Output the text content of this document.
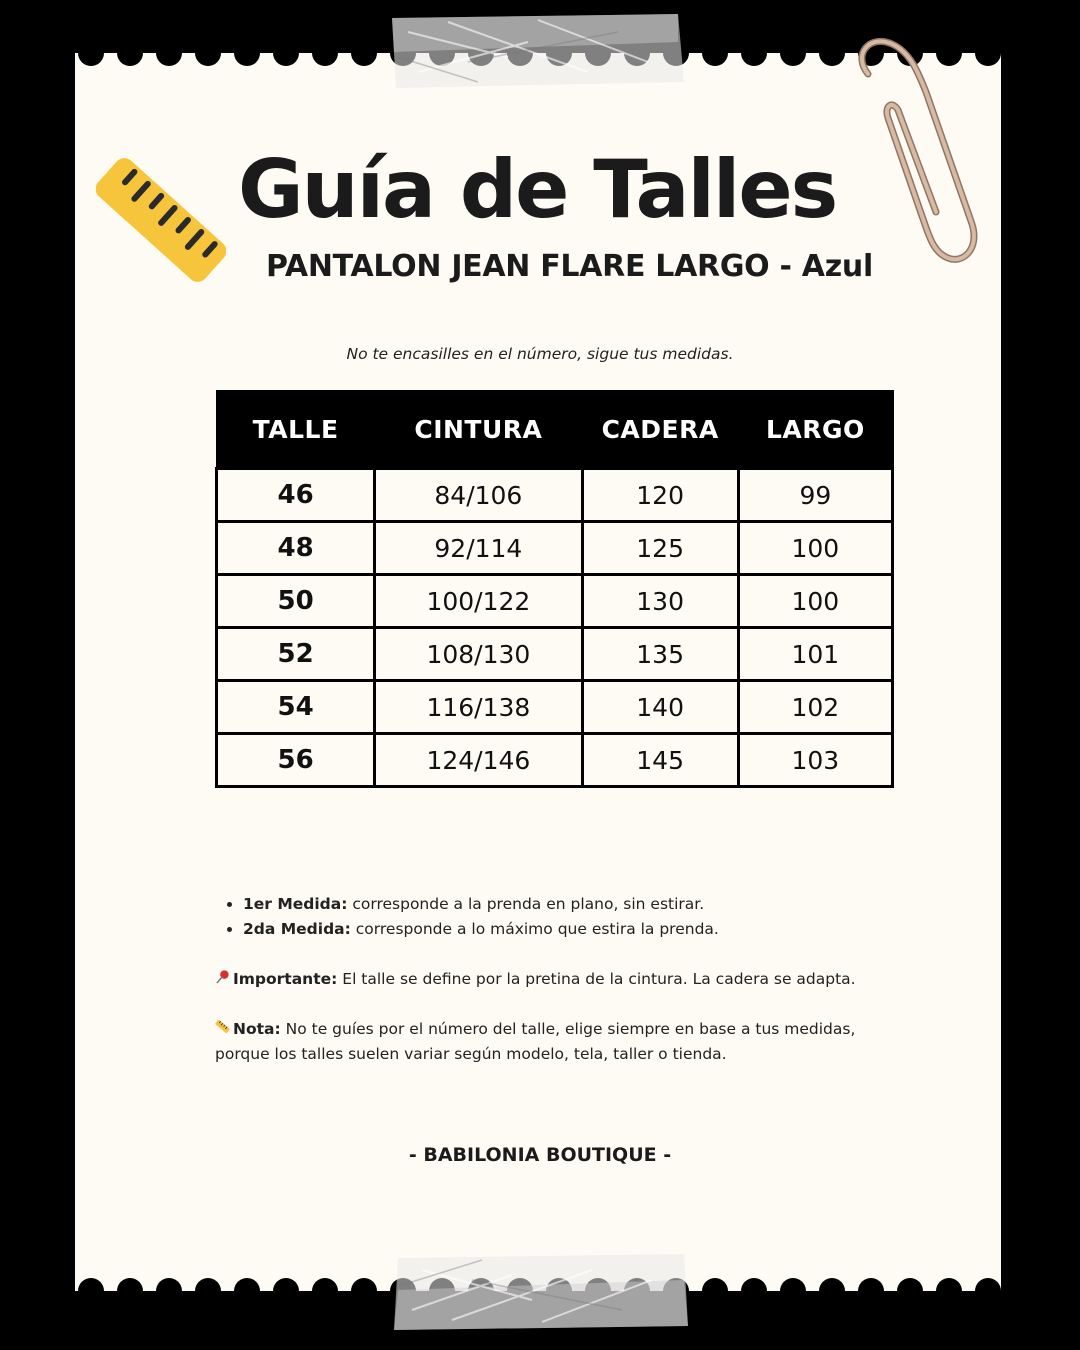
Guía de Talles
PANTALON JEAN FLARE LARGO - Azul
No te encasilles en el número, sigue tus medidas.
TALLE	CINTURA	CADERA	LARGO
46	84/106	120	99
48	92/114	125	100
50	100/122	130	100
52	108/130	135	101
54	116/138	140	102
56	124/146	145	103
• 1er Medida: corresponde a la prenda en plano, sin estirar.
• 2da Medida: corresponde a lo máximo que estira la prenda.

Importante: El talle se define por la pretina de la cintura. La cadera se adapta.

Nota: No te guíes por el número del talle, elige siempre en base a tus medidas, porque los talles suelen variar según modelo, tela, taller o tienda.

- BABILONIA BOUTIQUE -
